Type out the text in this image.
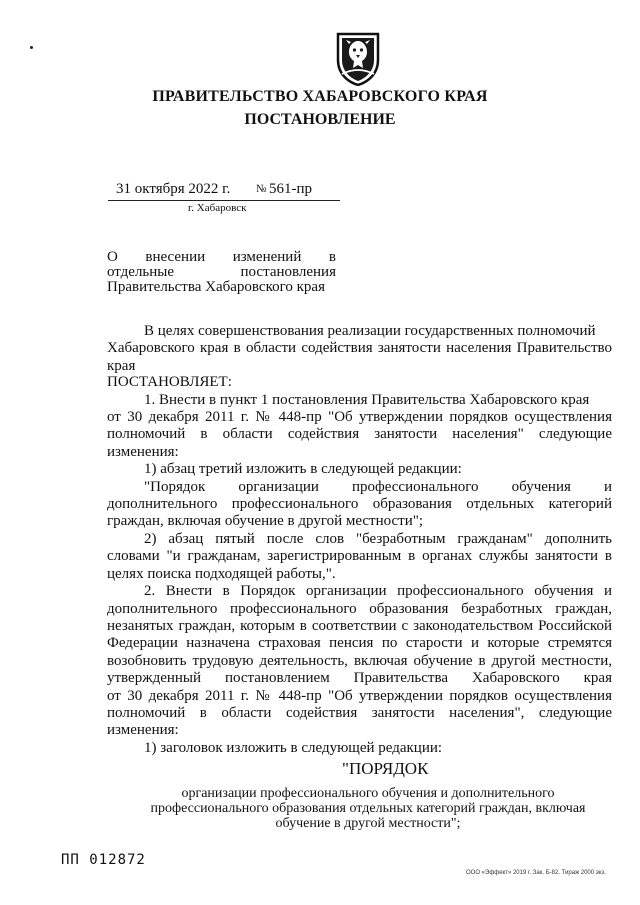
ПРАВИТЕЛЬСТВО ХАБАРОВСКОГО КРАЯ
ПОСТАНОВЛЕНИЕ
31 октября 2022 г. № 561-пр
г. Хабаровск
О внесении изменений в
отдельные постановления
Правительства Хабаровского края
В целях совершенствования реализации государственных полномочий
Хабаровского края в области содействия занятости населения Правительство
края
ПОСТАНОВЛЯЕТ:
1. Внести в пункт 1 постановления Правительства Хабаровского края
от 30 декабря 2011 г. № 448-пр "Об утверждении порядков осуществления
полномочий в области содействия занятости населения" следующие
изменения:
1) абзац третий изложить в следующей редакции:
"Порядок организации профессионального обучения и
дополнительного профессионального образования отдельных категорий
граждан, включая обучение в другой местности";
2) абзац пятый после слов "безработным гражданам" дополнить
словами "и гражданам, зарегистрированным в органах службы занятости в
целях поиска подходящей работы,".
2. Внести в Порядок организации профессионального обучения и
дополнительного профессионального образования безработных граждан,
незанятых граждан, которым в соответствии с законодательством Российской
Федерации назначена страховая пенсия по старости и которые стремятся
возобновить трудовую деятельность, включая обучение в другой местности,
утвержденный постановлением Правительства Хабаровского края
от 30 декабря 2011 г. № 448-пр "Об утверждении порядков осуществления
полномочий в области содействия занятости населения", следующие
изменения:
1) заголовок изложить в следующей редакции:
"ПОРЯДОК
организации профессионального обучения и дополнительного
профессионального образования отдельных категорий граждан, включая
обучение в другой местности";
ПП 012872
ООО «Эффект» 2019 г. Зак. Б-82. Тираж 2000 экз.
